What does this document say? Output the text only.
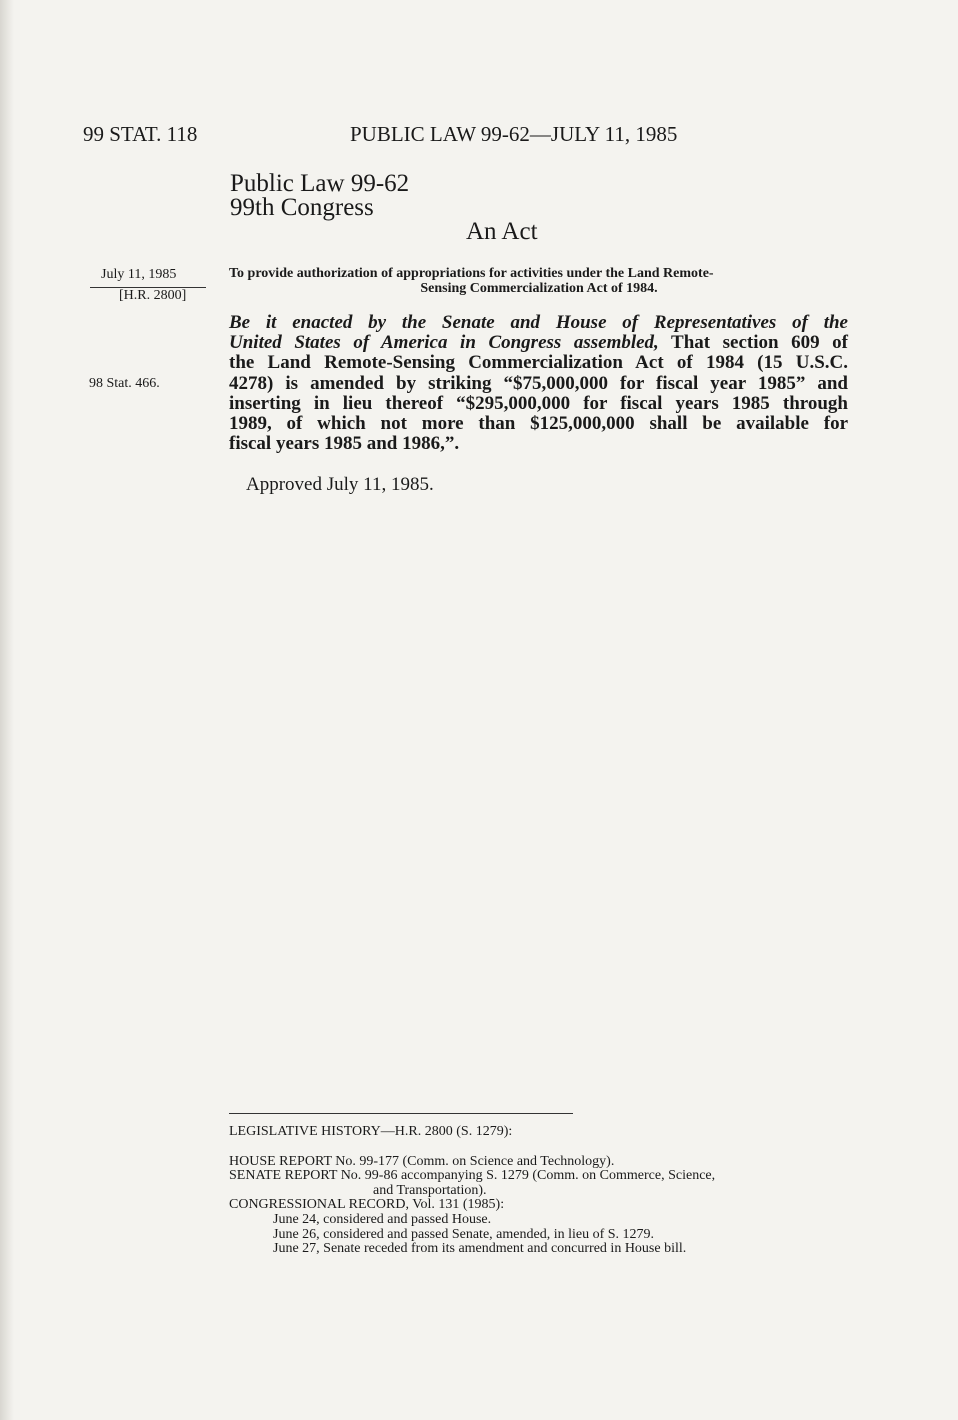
99 STAT. 118	PUBLIC LAW 99-62—JULY 11, 1985
Public Law 99-62
99th Congress
An Act
July 11, 1985
[H.R. 2800]
98 Stat. 466.
To provide authorization of appropriations for activities under the Land Remote-
Sensing Commercialization Act of 1984.
Be it enacted by the Senate and House of Representatives of the
United States of America in Congress assembled, That section 609 of
the Land Remote-Sensing Commercialization Act of 1984 (15 U.S.C.
4278) is amended by striking “$75,000,000 for fiscal year 1985” and
inserting in lieu thereof “$295,000,000 for fiscal years 1985 through
1989, of which not more than $125,000,000 shall be available for
fiscal years 1985 and 1986,”.
Approved July 11, 1985.
LEGISLATIVE HISTORY—H.R. 2800 (S. 1279):
HOUSE REPORT No. 99-177 (Comm. on Science and Technology).
SENATE REPORT No. 99-86 accompanying S. 1279 (Comm. on Commerce, Science,
and Transportation).
CONGRESSIONAL RECORD, Vol. 131 (1985):
June 24, considered and passed House.
June 26, considered and passed Senate, amended, in lieu of S. 1279.
June 27, Senate receded from its amendment and concurred in House bill.
